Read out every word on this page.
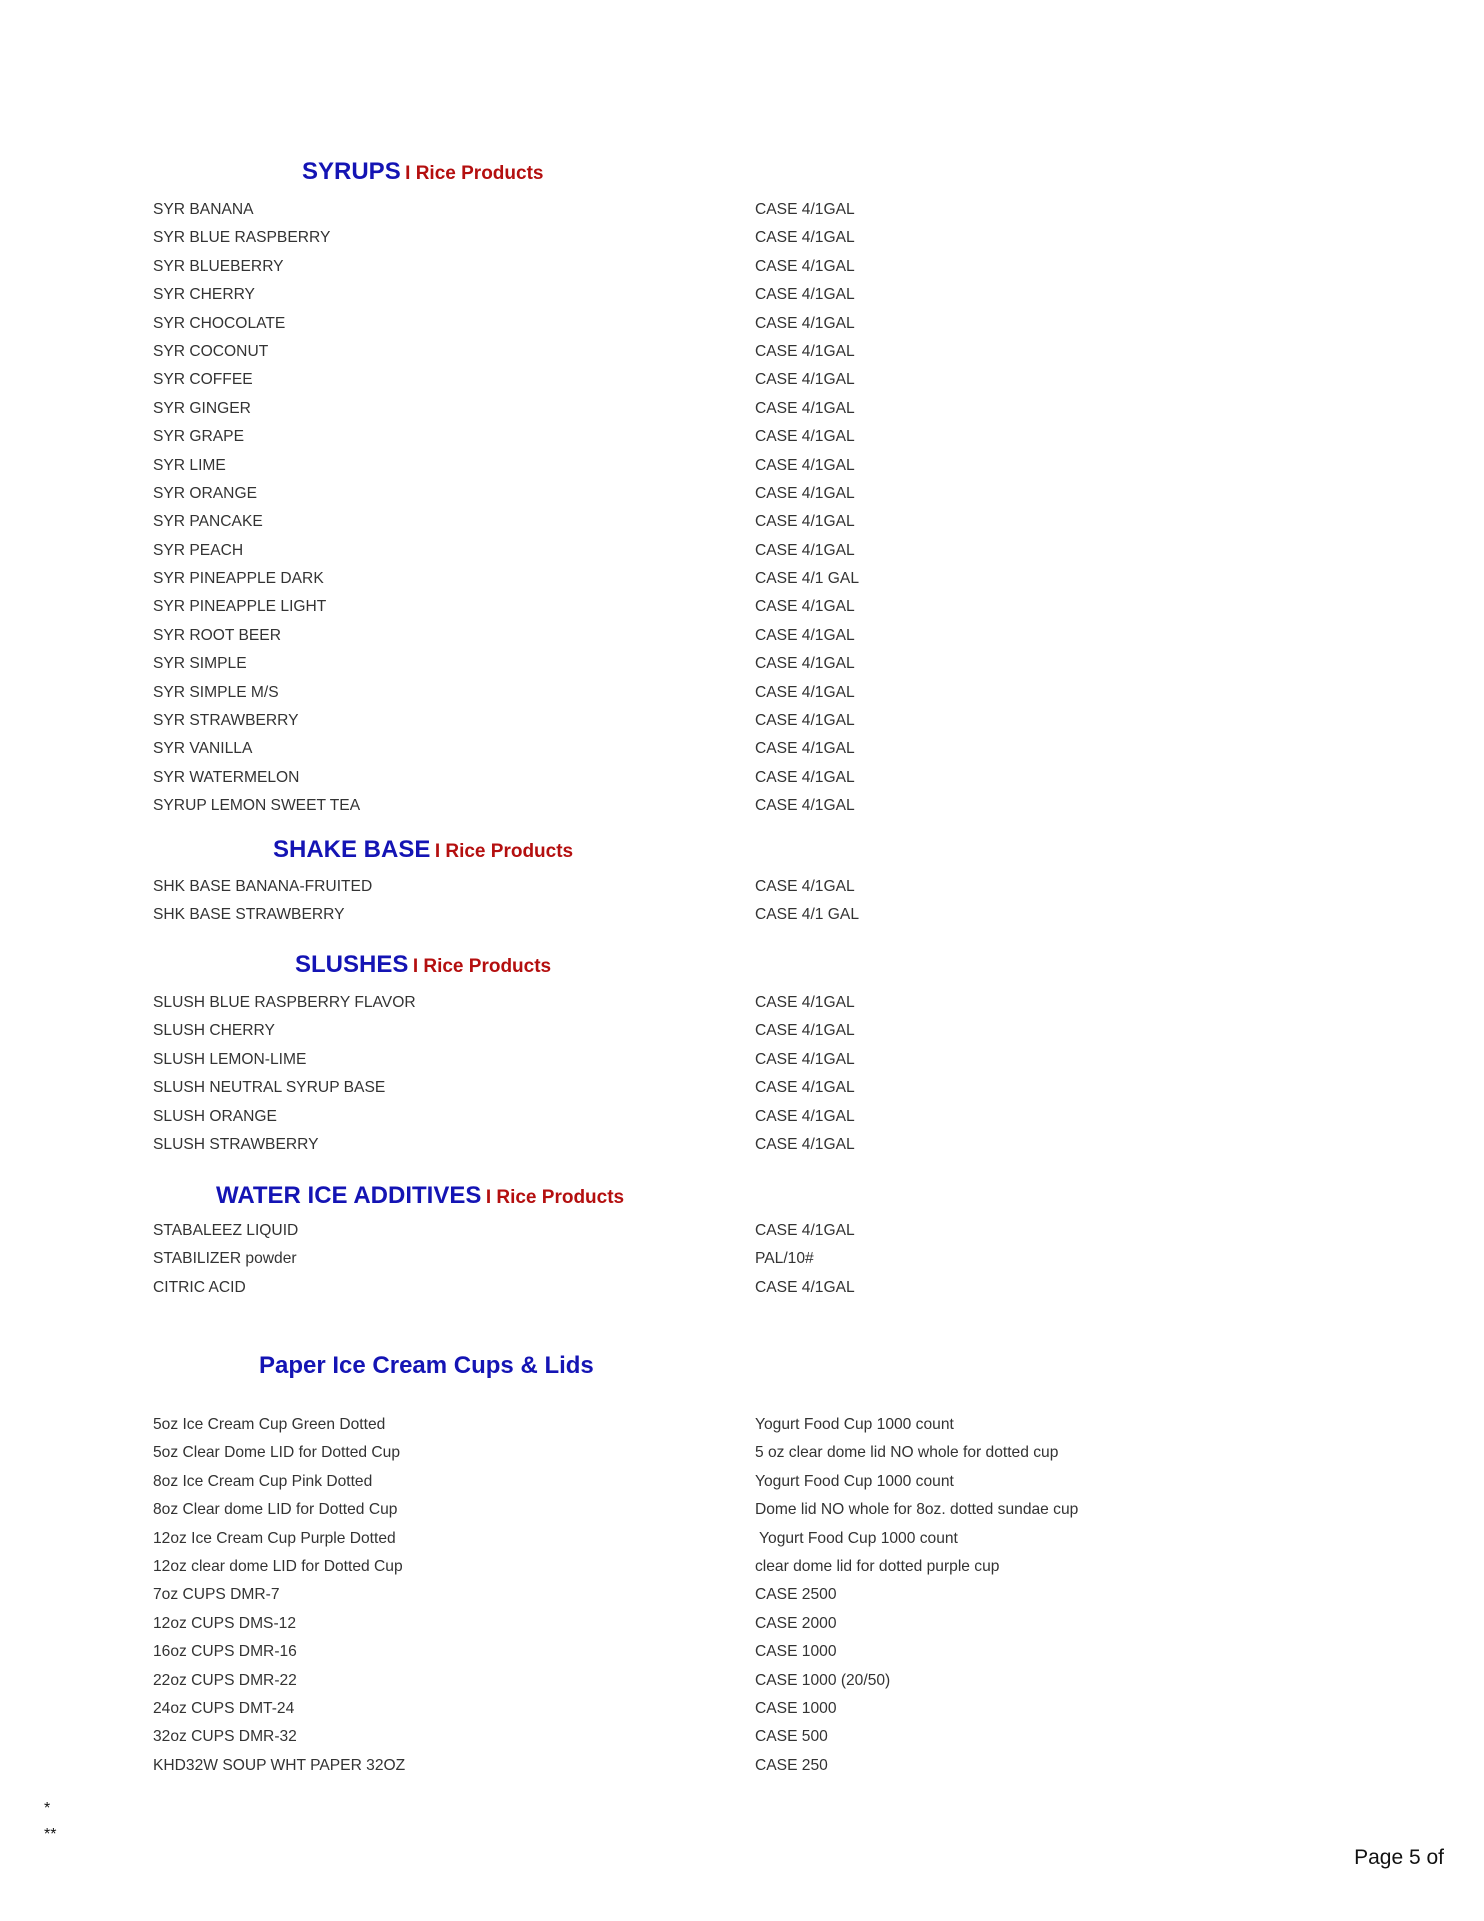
SYRUPS I Rice Products
SYR BANANA	CASE 4/1GAL
SYR BLUE RASPBERRY	CASE 4/1GAL
SYR BLUEBERRY	CASE 4/1GAL
SYR CHERRY	CASE 4/1GAL
SYR CHOCOLATE	CASE 4/1GAL
SYR COCONUT	CASE 4/1GAL
SYR COFFEE	CASE 4/1GAL
SYR GINGER	CASE 4/1GAL
SYR GRAPE	CASE 4/1GAL
SYR LIME	CASE 4/1GAL
SYR ORANGE	CASE 4/1GAL
SYR PANCAKE	CASE 4/1GAL
SYR PEACH	CASE 4/1GAL
SYR PINEAPPLE DARK	CASE 4/1 GAL
SYR PINEAPPLE LIGHT	CASE 4/1GAL
SYR ROOT BEER	CASE 4/1GAL
SYR SIMPLE	CASE 4/1GAL
SYR SIMPLE M/S	CASE 4/1GAL
SYR STRAWBERRY	CASE 4/1GAL
SYR VANILLA	CASE 4/1GAL
SYR WATERMELON	CASE 4/1GAL
SYRUP LEMON SWEET TEA	CASE 4/1GAL
SHAKE BASE I Rice Products
SHK BASE BANANA-FRUITED	CASE 4/1GAL
SHK BASE STRAWBERRY	CASE 4/1 GAL
SLUSHES I Rice Products
SLUSH BLUE RASPBERRY FLAVOR	CASE 4/1GAL
SLUSH CHERRY	CASE 4/1GAL
SLUSH LEMON-LIME	CASE 4/1GAL
SLUSH NEUTRAL SYRUP BASE	CASE 4/1GAL
SLUSH ORANGE	CASE 4/1GAL
SLUSH STRAWBERRY	CASE 4/1GAL
WATER ICE ADDITIVES I Rice Products
STABALEEZ LIQUID	CASE 4/1GAL
STABILIZER powder	PAL/10#
CITRIC ACID	CASE 4/1GAL
Paper Ice Cream Cups & Lids
5oz Ice Cream Cup Green Dotted	Yogurt Food Cup 1000 count
5oz Clear Dome LID for Dotted Cup	5 oz clear dome lid NO whole for dotted cup
8oz Ice Cream Cup Pink Dotted	Yogurt Food Cup 1000 count
8oz Clear dome LID for Dotted Cup	Dome lid NO whole for 8oz. dotted sundae cup
12oz Ice Cream Cup Purple Dotted	Yogurt Food Cup 1000 count
12oz clear dome LID for Dotted Cup	clear dome lid for dotted purple cup
7oz CUPS DMR-7	CASE 2500
12oz CUPS DMS-12	CASE 2000
16oz CUPS DMR-16	CASE 1000
22oz CUPS DMR-22	CASE 1000 (20/50)
24oz CUPS DMT-24	CASE 1000
32oz CUPS DMR-32	CASE 500
KHD32W SOUP WHT PAPER 32OZ	CASE 250
*
**
Page 5 of
